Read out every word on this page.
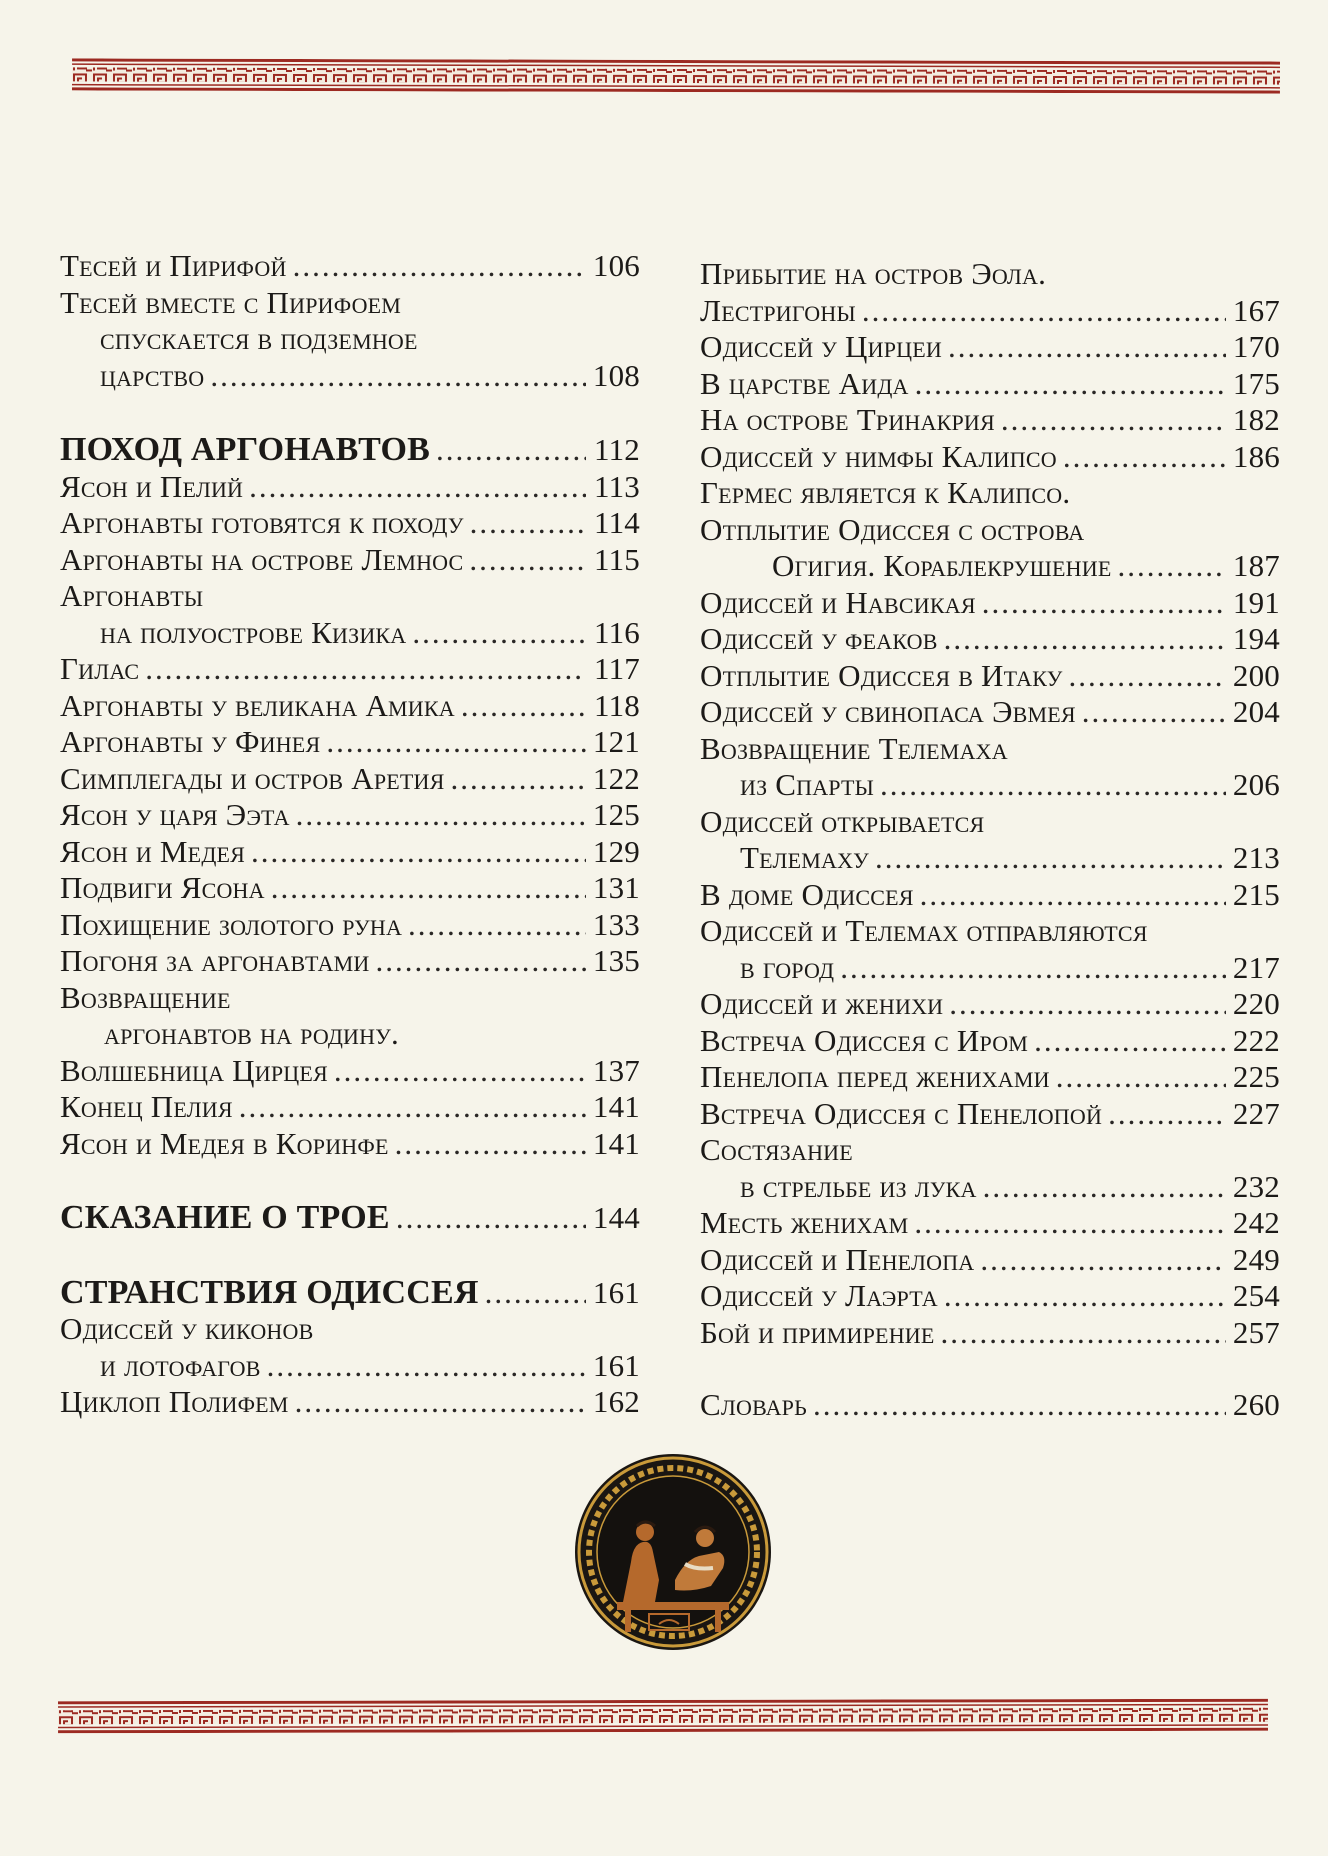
Тесей и Пирифой .....	106
Тесей вместе с Пирифоем
спускается в подземное
царство .....	108
ПОХОД АРГОНАВТОВ .....	112
Ясон и Пелий .....	113
Аргонавты готовятся к походу .....	114
Аргонавты на острове Лемнос .....	115
Аргонавты
на полуострове Кизика .....	116
Гилас .....	117
Аргонавты у великана Амика .....	118
Аргонавты у Финея .....	121
Симплегады и остров Аретия .....	122
Ясон у царя Ээта .....	125
Ясон и Медея .....	129
Подвиги Ясона .....	131
Похищение золотого руна .....	133
Погоня за аргонавтами .....	135
Возвращение
аргонавтов на родину.
Волшебница Цирцея .....	137
Конец Пелия .....	141
Ясон и Медея в Коринфе .....	141
СКАЗАНИЕ О ТРОЕ .....	144
СТРАНСТВИЯ ОДИССЕЯ .....	161
Одиссей у киконов
и лотофагов .....	161
Циклоп Полифем .....	162
Прибытие на остров Эола.
Лестригоны .....	167
Одиссей у Цирцеи .....	170
В царстве Аида .....	175
На острове Тринакрия .....	182
Одиссей у нимфы Калипсо .....	186
Гермес является к Калипсо.
Отплытие Одиссея с острова
Огигия. Кораблекрушение .....	187
Одиссей и Навсикая .....	191
Одиссей у феаков .....	194
Отплытие Одиссея в Итаку .....	200
Одиссей у свинопаса Эвмея .....	204
Возвращение Телемаха
из Спарты .....	206
Одиссей открывается
Телемаху .....	213
В доме Одиссея .....	215
Одиссей и Телемах отправляются
в город .....	217
Одиссей и женихи .....	220
Встреча Одиссея с Иром .....	222
Пенелопа перед женихами .....	225
Встреча Одиссея с Пенелопой .....	227
Состязание
в стрельбе из лука .....	232
Месть женихам .....	242
Одиссей и Пенелопа .....	249
Одиссей у Лаэрта .....	254
Бой и примирение .....	257
Словарь .....	260
